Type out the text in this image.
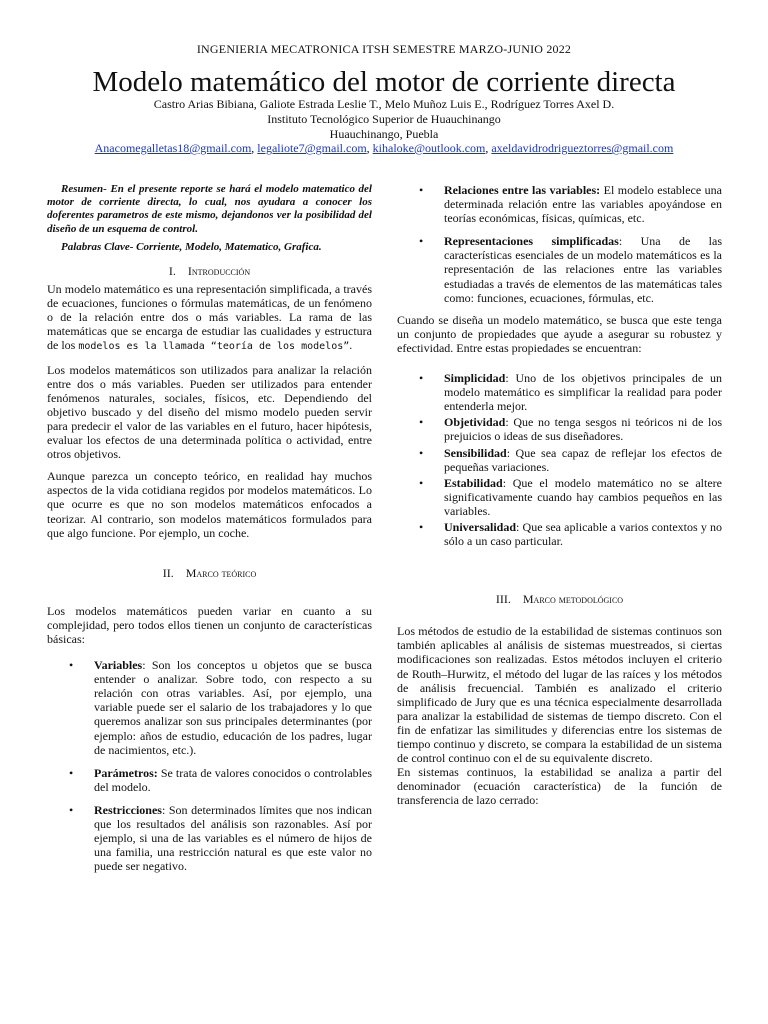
INGENIERIA MECATRONICA ITSH SEMESTRE MARZO-JUNIO 2022
Modelo matemático del motor de corriente directa
Castro Arias Bibiana, Galiote Estrada Leslie T., Melo Muñoz Luis E., Rodríguez Torres Axel D.
Instituto Tecnológico Superior de Huauchinango
Huauchinango, Puebla
Anacomegalletas18@gmail.com, legaliote7@gmail.com, kihaloke@outlook.com, axeldavidrodrigueztorres@gmail.com

Resumen- En el presente reporte se hará el modelo matematico del motor de corriente directa, lo cual, nos ayudara a conocer los doferentes parametros de este mismo, dejandonos ver la posibilidad del diseño de un esquema de control.

Palabras Clave- Corriente, Modelo, Matematico, Grafica.

I. Introducción

Un modelo matemático es una representación simplificada, a través de ecuaciones, funciones o fórmulas matemáticas, de un fenómeno o de la relación entre dos o más variables. La rama de las matemáticas que se encarga de estudiar las cualidades y estructura de los modelos es la llamada “teoría de los modelos”.

Los modelos matemáticos son utilizados para analizar la relación entre dos o más variables. Pueden ser utilizados para entender fenómenos naturales, sociales, físicos, etc. Dependiendo del objetivo buscado y del diseño del mismo modelo pueden servir para predecir el valor de las variables en el futuro, hacer hipótesis, evaluar los efectos de una determinada política o actividad, entre otros objetivos.

Aunque parezca un concepto teórico, en realidad hay muchos aspectos de la vida cotidiana regidos por modelos matemáticos. Lo que ocurre es que no son modelos matemáticos enfocados a teorizar. Al contrario, son modelos matemáticos formulados para que algo funcione. Por ejemplo, un coche.

II. Marco teórico

Los modelos matemáticos pueden variar en cuanto a su complejidad, pero todos ellos tienen un conjunto de características básicas:

• Variables: Son los conceptos u objetos que se busca entender o analizar. Sobre todo, con respecto a su relación con otras variables. Así, por ejemplo, una variable puede ser el salario de los trabajadores y lo que queremos analizar son sus principales determinantes (por ejemplo: años de estudio, educación de los padres, lugar de nacimientos, etc.).
• Parámetros: Se trata de valores conocidos o controlables del modelo.
• Restricciones: Son determinados límites que nos indican que los resultados del análisis son razonables. Así por ejemplo, si una de las variables es el número de hijos de una familia, una restricción natural es que este valor no puede ser negativo.
• Relaciones entre las variables: El modelo establece una determinada relación entre las variables apoyándose en teorías económicas, físicas, químicas, etc.
• Representaciones simplificadas: Una de las características esenciales de un modelo matemáticos es la representación de las relaciones entre las variables estudiadas a través de elementos de las matemáticas tales como: funciones, ecuaciones, fórmulas, etc.

Cuando se diseña un modelo matemático, se busca que este tenga un conjunto de propiedades que ayude a asegurar su robustez y efectividad. Entre estas propiedades se encuentran:

• Simplicidad: Uno de los objetivos principales de un modelo matemático es simplificar la realidad para poder entenderla mejor.
• Objetividad: Que no tenga sesgos ni teóricos ni de los prejuicios o ideas de sus diseñadores.
• Sensibilidad: Que sea capaz de reflejar los efectos de pequeñas variaciones.
• Estabilidad: Que el modelo matemático no se altere significativamente cuando hay cambios pequeños en las variables.
• Universalidad: Que sea aplicable a varios contextos y no sólo a un caso particular.
III. Marco metodológico

Los métodos de estudio de la estabilidad de sistemas continuos son también aplicables al análisis de sistemas muestreados, si ciertas modificaciones son realizadas. Estos métodos incluyen el criterio de Routh–Hurwitz, el método del lugar de las raíces y los métodos de análisis frecuencial. También es analizado el criterio simplificado de Jury que es una técnica especialmente desarrollada para analizar la estabilidad de sistemas de tiempo discreto. Con el fin de enfatizar las similitudes y diferencias entre los sistemas de tiempo continuo y discreto, se compara la estabilidad de un sistema de control continuo con el de su equivalente discreto.

En sistemas continuos, la estabilidad se analiza a partir del denominador (ecuación característica) de la función de transferencia de lazo cerrado:
